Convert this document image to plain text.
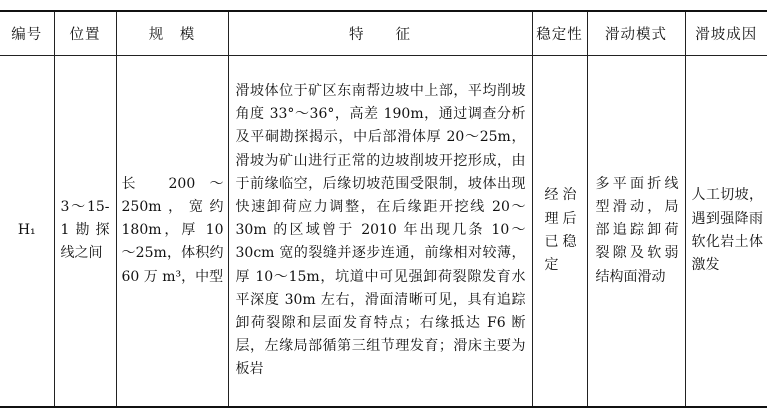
编号	位置	规　模	特　　征	稳定性	滑动模式	滑坡成因
H₁	3～15-1勘探线之间	长 200～250m，宽约 180m，厚 10～25m，体积约 60 万 m³，中型	滑坡体位于矿区东南帮边坡中上部，平均削坡角度 33°～36°，高差 190m，通过调查分析及平硐勘探揭示，中后部滑体厚 20～25m，滑坡为矿山进行正常的边坡削坡开挖形成，由于前缘临空，后缘切坡范围受限制，坡体出现快速卸荷应力调整，在后缘距开挖线 20～30m 的区域曾于 2010 年出现几条 10～30cm 宽的裂缝并逐步连通，前缘相对较薄，厚 10～15m，坑道中可见强卸荷裂隙发育水平深度 30m 左右，滑面清晰可见，具有追踪卸荷裂隙和层面发育特点；右缘抵达 F6 断层，左缘局部循第三组节理发育；滑床主要为板岩	经治理后已稳定	多平面折线型滑动，局部追踪卸荷裂隙及软弱结构面滑动	人工切坡，遇到强降雨软化岩土体激发
